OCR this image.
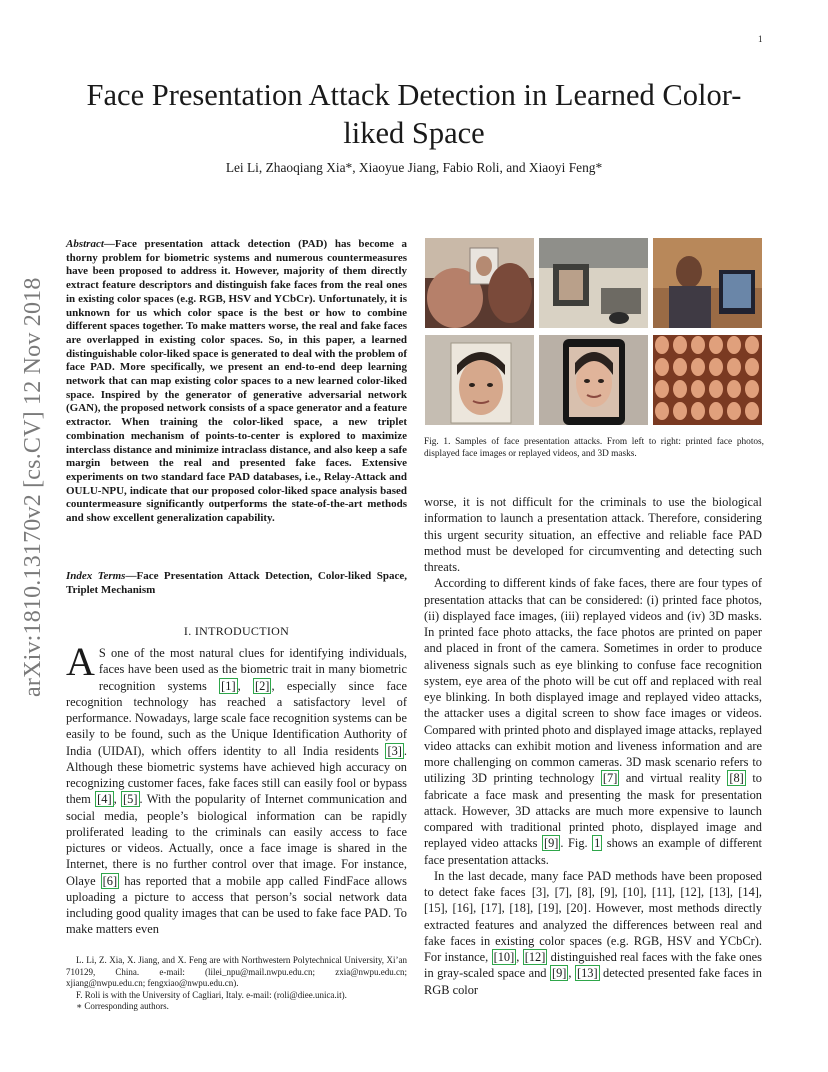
1
arXiv:1810.13170v2 [cs.CV] 12 Nov 2018
Face Presentation Attack Detection in Learned Color-liked Space
Lei Li, Zhaoqiang Xia*, Xiaoyue Jiang, Fabio Roli, and Xiaoyi Feng*
Abstract—Face presentation attack detection (PAD) has become a thorny problem for biometric systems and numerous countermeasures have been proposed to address it. However, majority of them directly extract feature descriptors and distinguish fake faces from the real ones in existing color spaces (e.g. RGB, HSV and YCbCr). Unfortunately, it is unknown for us which color space is the best or how to combine different spaces together. To make matters worse, the real and fake faces are overlapped in existing color spaces. So, in this paper, a learned distinguishable color-liked space is generated to deal with the problem of face PAD. More specifically, we present an end-to-end deep learning network that can map existing color spaces to a new learned color-liked space. Inspired by the generator of generative adversarial network (GAN), the proposed network consists of a space generator and a feature extractor. When training the color-liked space, a new triplet combination mechanism of points-to-center is explored to maximize interclass distance and minimize intraclass distance, and also keep a safe margin between the real and presented fake faces. Extensive experiments on two standard face PAD databases, i.e., Relay-Attack and OULU-NPU, indicate that our proposed color-liked space analysis based countermeasure significantly outperforms the state-of-the-art methods and show excellent generalization capability.
Index Terms—Face Presentation Attack Detection, Color-liked Space, Triplet Mechanism
I. INTRODUCTION
A S one of the most natural clues for identifying individuals, faces have been used as the biometric trait in many biometric recognition systems [1] , [2] , especially since face recognition technology has reached a satisfactory level of performance. Nowadays, large scale face recognition systems can be easily to be found, such as the Unique Identification Authority of India (UIDAI), which offers identity to all India residents [3] . Although these biometric systems have achieved high accuracy on recognizing customer faces, fake faces still can easily fool or bypass them [4] , [5] . With the popularity of Internet communication and social media, people’s biological information can be rapidly proliferated leading to the criminals can easily access to face pictures or videos. Actually, once a face image is shared in the Internet, there is no further control over that image. For instance, Olaye [6] has reported that a mobile app called FindFace allows uploading a picture to access that person’s social network data including good quality images that can be used to fake face PAD. To make matters even

L. Li, Z. Xia, X. Jiang, and X. Feng are with Northwestern Polytechnical University, Xi’an 710129, China. e-mail: (lilei_npu@mail.nwpu.edu.cn; zxia@nwpu.edu.cn; xjiang@nwpu.edu.cn; fengxiao@nwpu.edu.cn).

F. Roli is with the University of Cagliari, Italy. e-mail: (roli@diee.unica.it).

∗ Corresponding authors.

Fig. 1. Samples of face presentation attacks. From left to right: printed face photos, displayed face images or replayed videos, and 3D masks.

worse, it is not difficult for the criminals to use the biological information to launch a presentation attack. Therefore, considering this urgent security situation, an effective and reliable face PAD method must be developed for circumventing and detecting such threats.

According to different kinds of fake faces, there are four types of presentation attacks that can be considered: (i) printed face photos, (ii) displayed face images, (iii) replayed videos and (iv) 3D masks. In printed face photo attacks, the face photos are printed on paper and placed in front of the camera. Sometimes in order to produce aliveness signals such as eye blinking to confuse face recognition system, eye area of the photo will be cut off and replaced with real eye blinking. In both displayed image and replayed video attacks, the attacker uses a digital screen to show face images or videos. Compared with printed photo and displayed image attacks, replayed video attacks can exhibit motion and liveness information and are more challenging on common cameras. 3D mask scenario refers to utilizing 3D printing technology [7] and virtual reality [8] to fabricate a face mask and presenting the mask for presentation attack. However, 3D attacks are much more expensive to launch compared with traditional printed photo, displayed image and replayed video attacks [9] . Fig. 1 shows an example of different face presentation attacks.

In the last decade, many face PAD methods have been proposed to detect fake faces [3], [7], [8], [9], [10], [11], [12], [13], [14], [15], [16], [17], [18], [19], [20]. However, most methods directly extracted features and analyzed the differences between real and fake faces in existing color spaces (e.g. RGB, HSV and YCbCr). For instance, [10] , [12] distinguished real faces with the fake ones in gray-scaled space and [9] , [13] detected presented fake faces in RGB color
